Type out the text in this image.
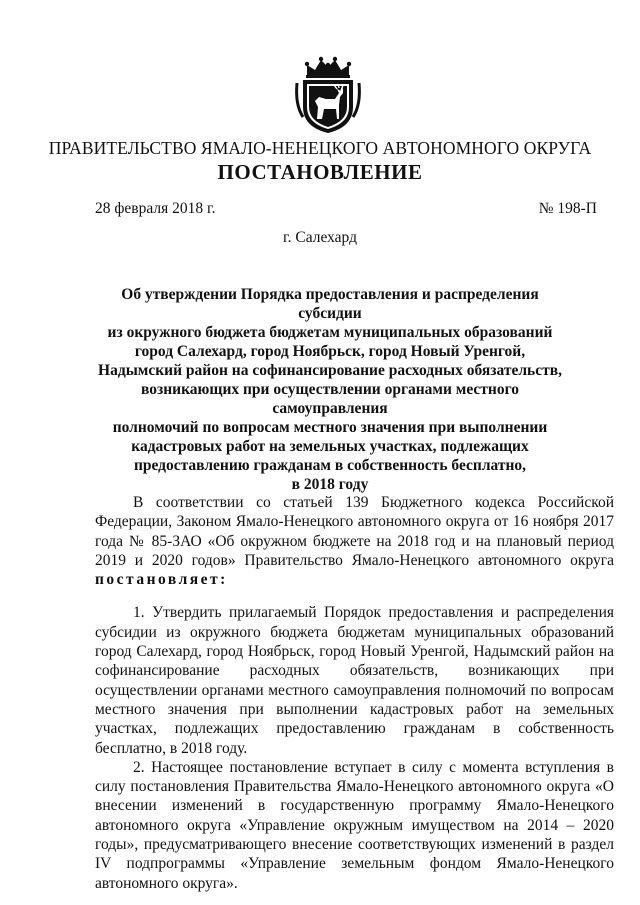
ПРАВИТЕЛЬСТВО ЯМАЛО-НЕНЕЦКОГО АВТОНОМНОГО ОКРУГА
ПОСТАНОВЛЕНИЕ
28 февраля 2018 г.	№ 198-П
г. Салехард
Об утверждении Порядка предоставления и распределения субсидии
из окружного бюджета бюджетам муниципальных образований
город Салехард, город Ноябрьск, город Новый Уренгой,
Надымский район на софинансирование расходных обязательств,
возникающих при осуществлении органами местного самоуправления
полномочий по вопросам местного значения при выполнении
кадастровых работ на земельных участках, подлежащих
предоставлению гражданам в собственность бесплатно,
в 2018 году

В соответствии со статьей 139 Бюджетного кодекса Российской Федерации, Законом Ямало-Ненецкого автономного округа от 16 ноября 2017 года № 85-ЗАО «Об окружном бюджете на 2018 год и на плановый период 2019 и 2020 годов» Правительство Ямало-Ненецкого автономного округа постановляет:

1. Утвердить прилагаемый Порядок предоставления и распределения субсидии из окружного бюджета бюджетам муниципальных образований город Салехард, город Ноябрьск, город Новый Уренгой, Надымский район на софинансирование расходных обязательств, возникающих при осуществлении органами местного самоуправления полномочий по вопросам местного значения при выполнении кадастровых работ на земельных участках, подлежащих предоставлению гражданам в собственность бесплатно, в 2018 году.

2. Настоящее постановление вступает в силу с момента вступления в силу постановления Правительства Ямало-Ненецкого автономного округа «О внесении изменений в государственную программу Ямало-Ненецкого автономного округа «Управление окружным имуществом на 2014 – 2020 годы», предусматривающего внесение соответствующих изменений в раздел IV подпрограммы «Управление земельным фондом Ямало-Ненецкого автономного округа».
